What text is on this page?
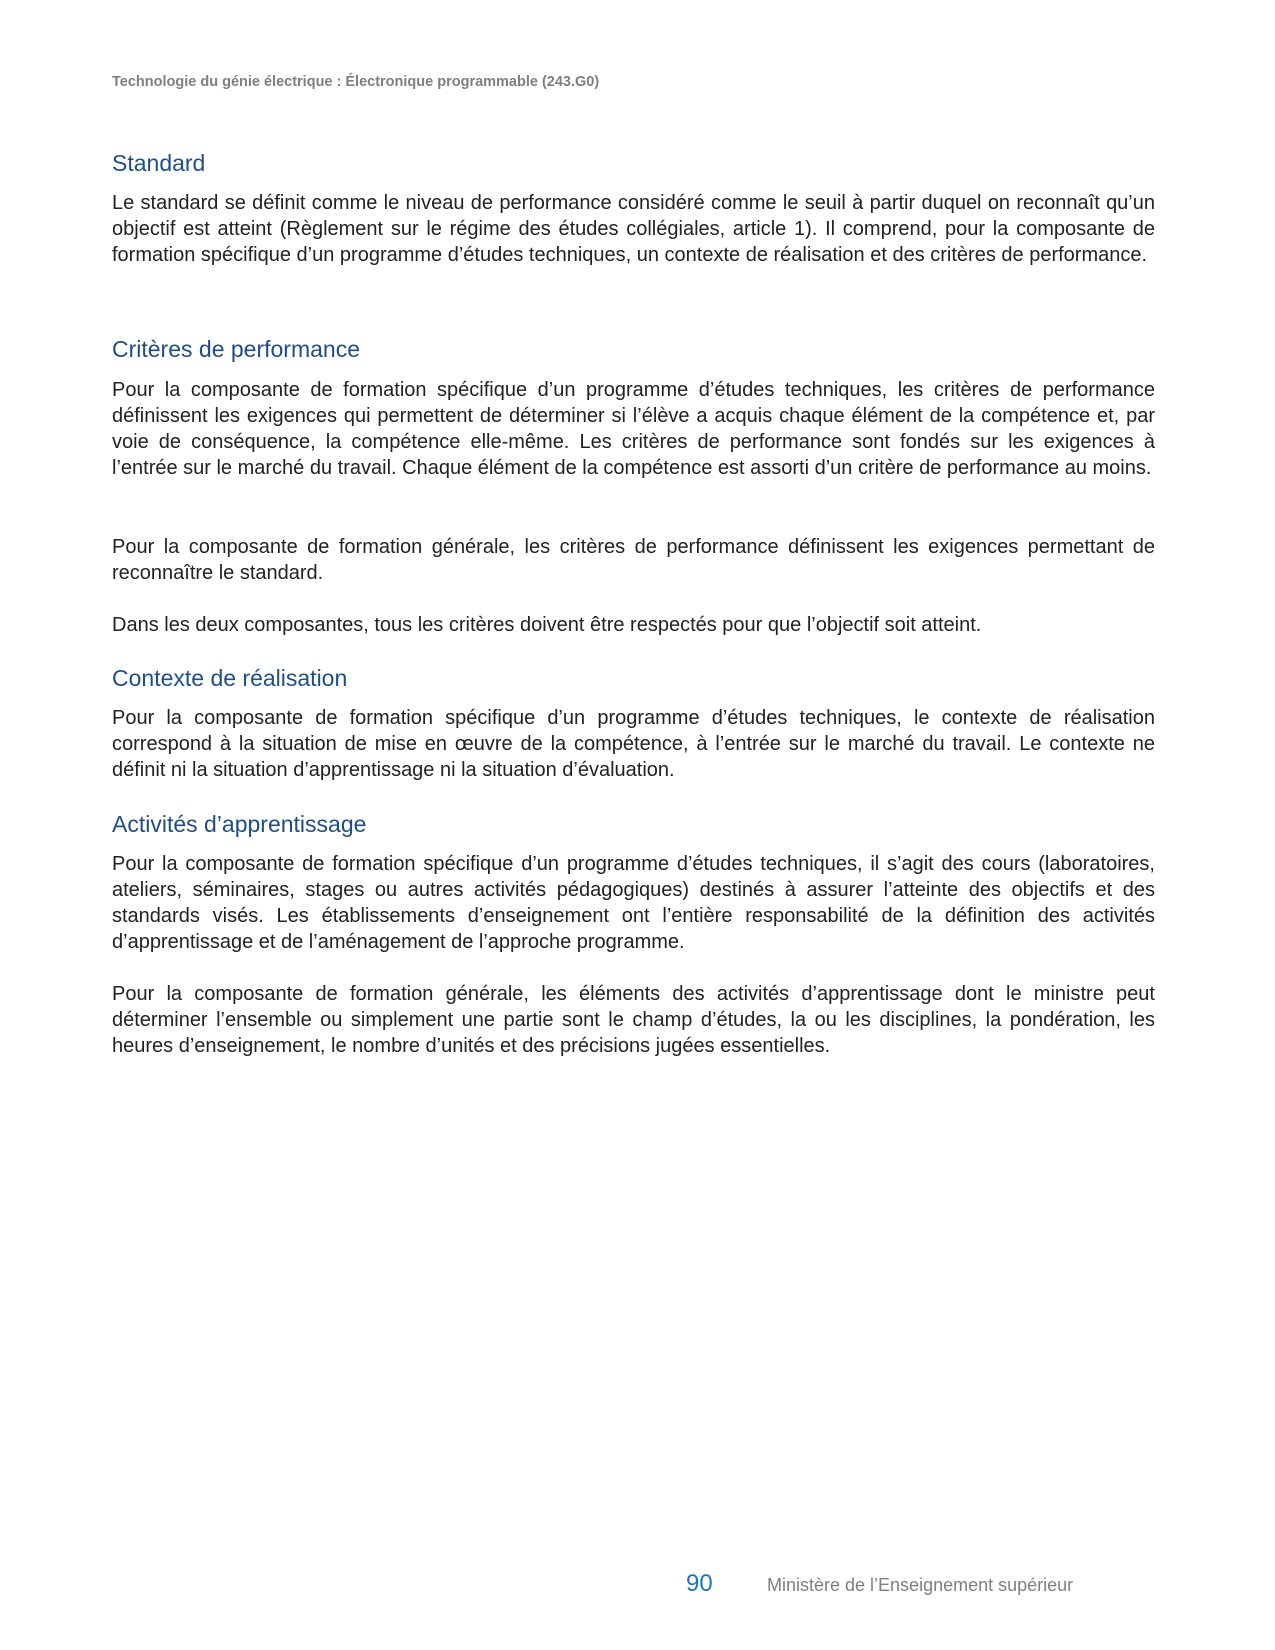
Technologie du génie électrique : Électronique programmable (243.G0)
Standard

Le standard se définit comme le niveau de performance considéré comme le seuil à partir duquel on reconnaît qu’un objectif est atteint (Règlement sur le régime des études collégiales, article 1). Il comprend, pour la composante de formation spécifique d’un programme d’études techniques, un contexte de réalisation et des critères de performance.

Critères de performance

Pour la composante de formation spécifique d’un programme d’études techniques, les critères de performance définissent les exigences qui permettent de déterminer si l’élève a acquis chaque élément de la compétence et, par voie de conséquence, la compétence elle-même. Les critères de performance sont fondés sur les exigences à l’entrée sur le marché du travail. Chaque élément de la compétence est assorti d’un critère de performance au moins.

Pour la composante de formation générale, les critères de performance définissent les exigences permettant de reconnaître le standard.

Dans les deux composantes, tous les critères doivent être respectés pour que l’objectif soit atteint.

Contexte de réalisation

Pour la composante de formation spécifique d’un programme d’études techniques, le contexte de réalisation correspond à la situation de mise en œuvre de la compétence, à l’entrée sur le marché du travail. Le contexte ne définit ni la situation d’apprentissage ni la situation d’évaluation.

Activités d’apprentissage

Pour la composante de formation spécifique d’un programme d’études techniques, il s’agit des cours (laboratoires, ateliers, séminaires, stages ou autres activités pédagogiques) destinés à assurer l’atteinte des objectifs et des standards visés. Les établissements d’enseignement ont l’entière responsabilité de la définition des activités d’apprentissage et de l’aménagement de l’approche programme.

Pour la composante de formation générale, les éléments des activités d’apprentissage dont le ministre peut déterminer l’ensemble ou simplement une partie sont le champ d’études, la ou les disciplines, la pondération, les heures d’enseignement, le nombre d’unités et des précisions jugées essentielles.

90	Ministère de l’Enseignement supérieur
